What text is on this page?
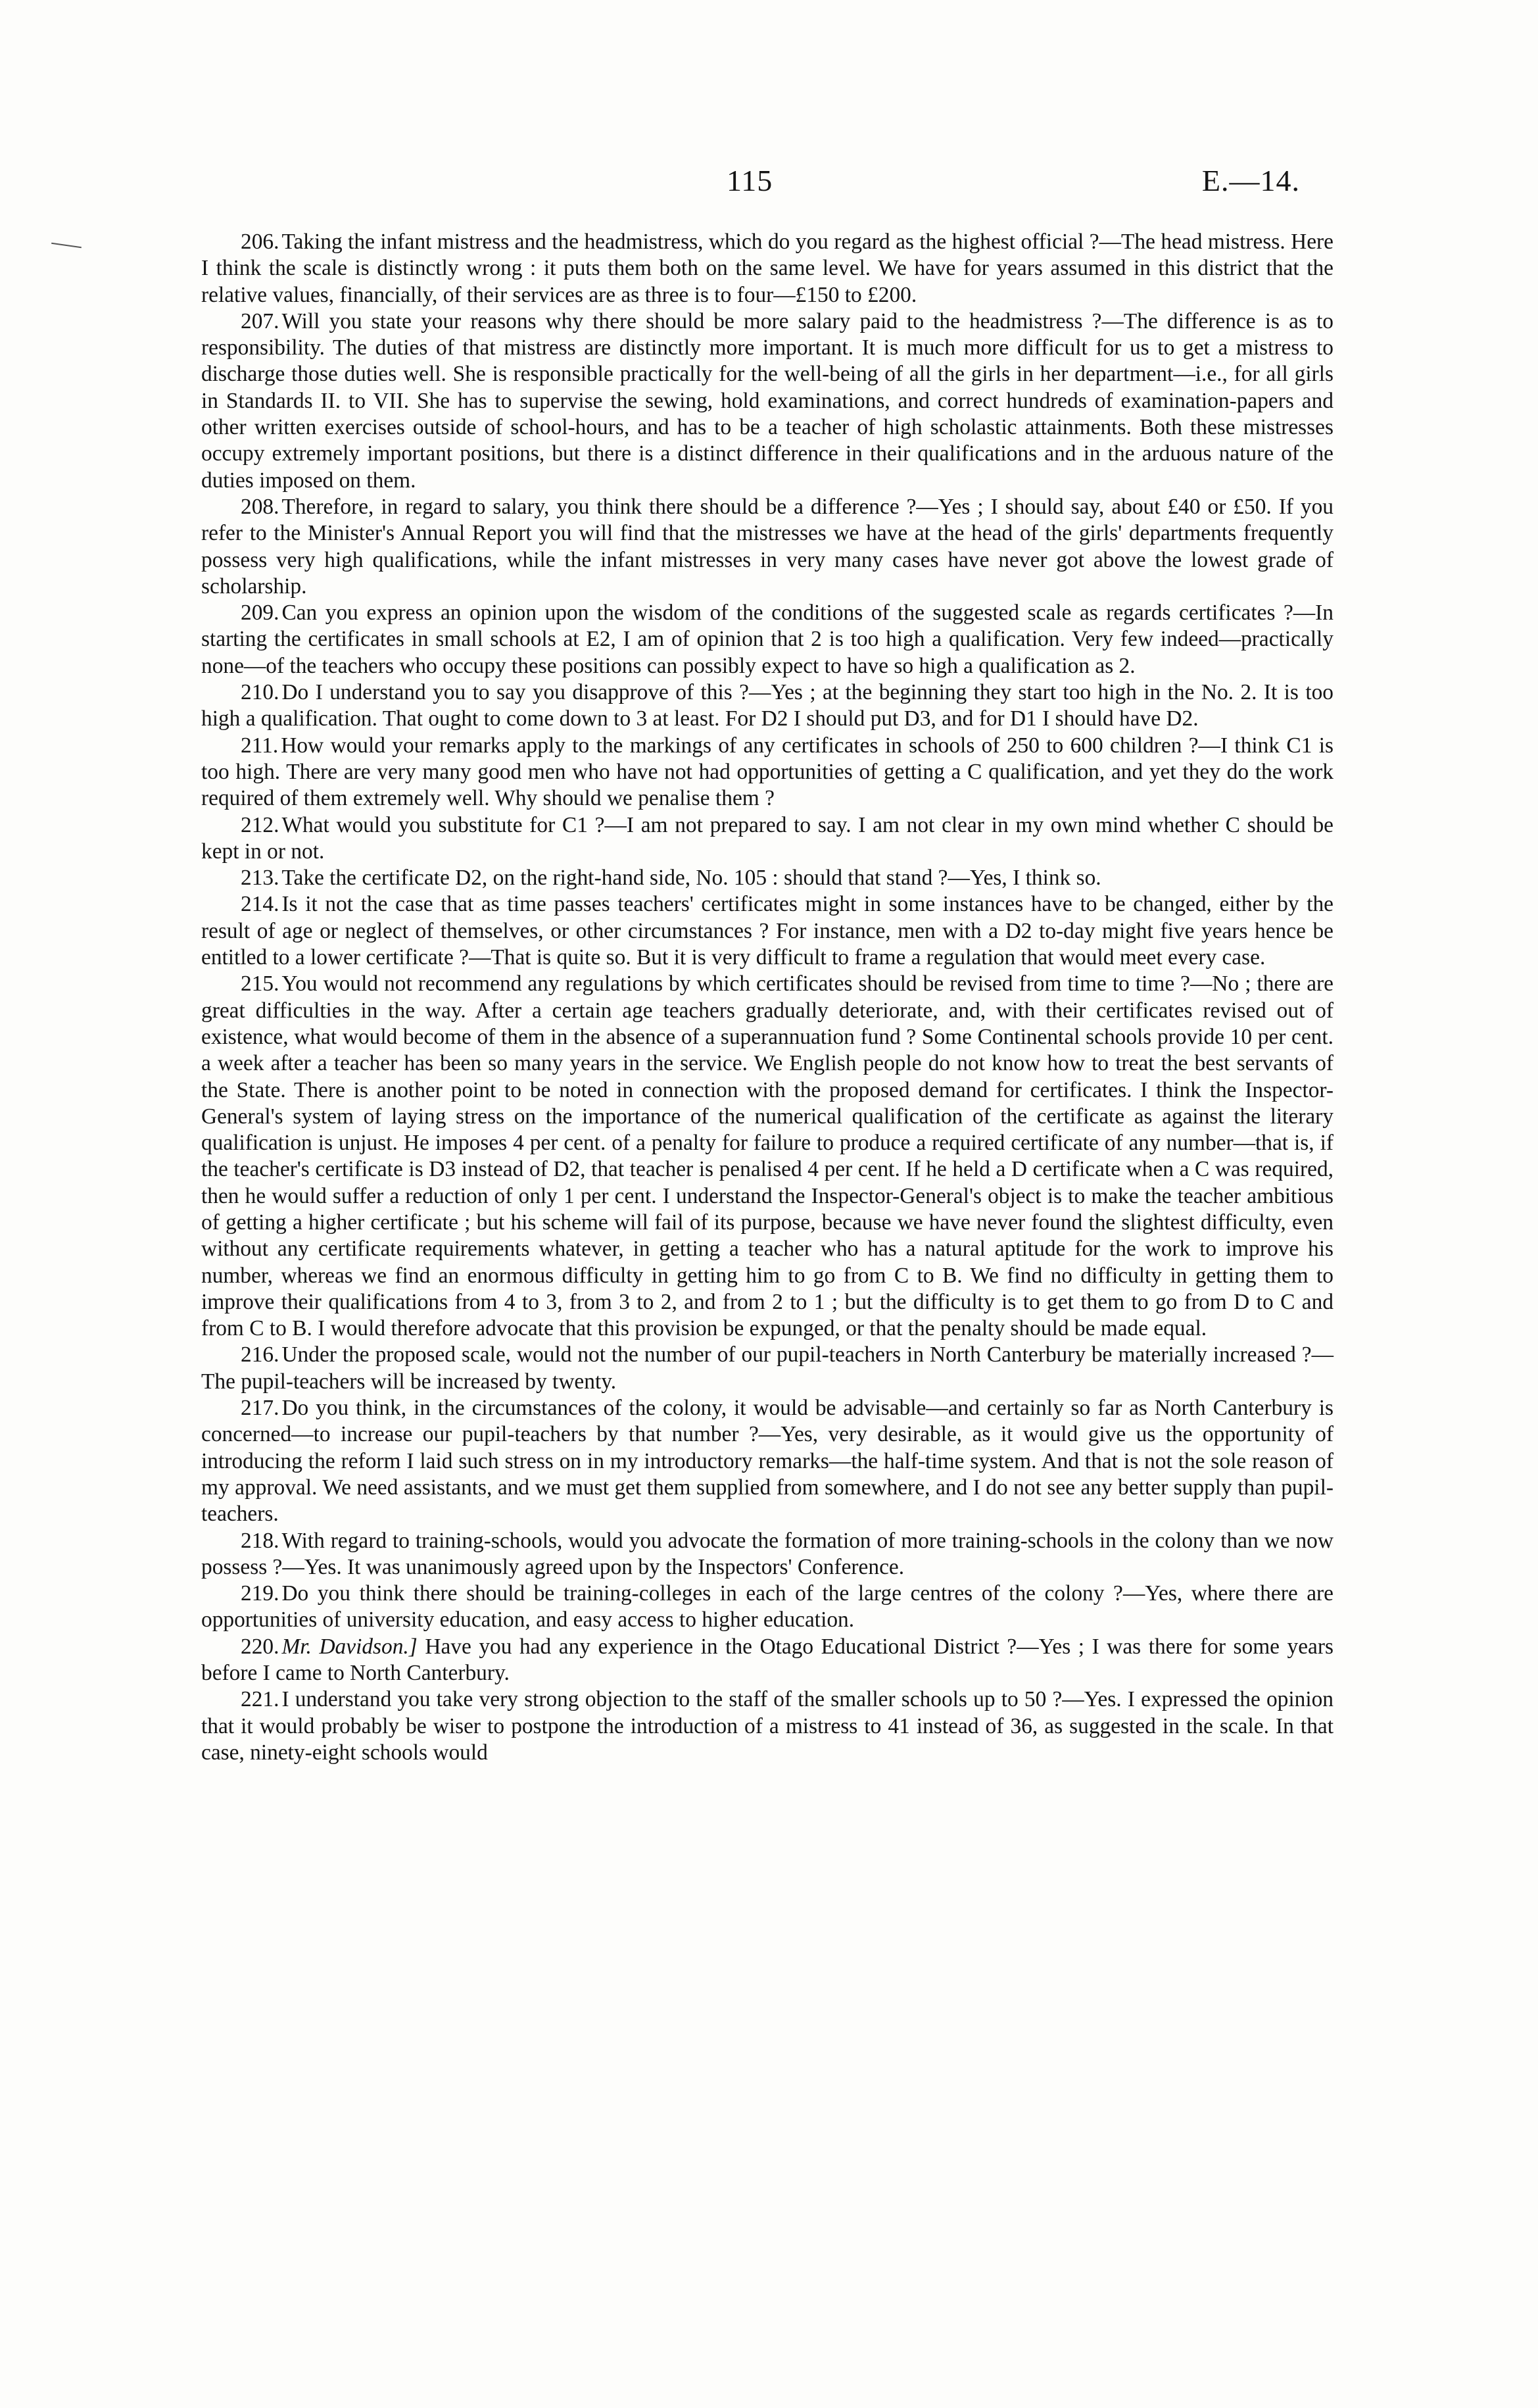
115	E.—14.

206. Taking the infant mistress and the headmistress, which do you regard as the highest official ?—The head mistress. Here I think the scale is distinctly wrong : it puts them both on the same level. We have for years assumed in this district that the relative values, financially, of their services are as three is to four—£150 to £200.

207. Will you state your reasons why there should be more salary paid to the headmistress ?—The difference is as to responsibility. The duties of that mistress are distinctly more important. It is much more difficult for us to get a mistress to discharge those duties well. She is responsible practically for the well-being of all the girls in her department—i.e., for all girls in Standards II. to VII. She has to supervise the sewing, hold examinations, and correct hundreds of examination-papers and other written exercises outside of school-hours, and has to be a teacher of high scholastic attainments. Both these mistresses occupy extremely important positions, but there is a distinct difference in their qualifications and in the arduous nature of the duties imposed on them.

208. Therefore, in regard to salary, you think there should be a difference ?—Yes ; I should say, about £40 or £50. If you refer to the Minister's Annual Report you will find that the mistresses we have at the head of the girls' departments frequently possess very high qualifications, while the infant mistresses in very many cases have never got above the lowest grade of scholarship.

209. Can you express an opinion upon the wisdom of the conditions of the suggested scale as regards certificates ?—In starting the certificates in small schools at E2, I am of opinion that 2 is too high a qualification. Very few indeed—practically none—of the teachers who occupy these positions can possibly expect to have so high a qualification as 2.

210. Do I understand you to say you disapprove of this ?—Yes ; at the beginning they start too high in the No. 2. It is too high a qualification. That ought to come down to 3 at least. For D2 I should put D3, and for D1 I should have D2.

211. How would your remarks apply to the markings of any certificates in schools of 250 to 600 children ?—I think C1 is too high. There are very many good men who have not had opportunities of getting a C qualification, and yet they do the work required of them extremely well. Why should we penalise them ?

212. What would you substitute for C1 ?—I am not prepared to say. I am not clear in my own mind whether C should be kept in or not.

213. Take the certificate D2, on the right-hand side, No. 105 : should that stand ?—Yes, I think so.

214. Is it not the case that as time passes teachers' certificates might in some instances have to be changed, either by the result of age or neglect of themselves, or other circumstances ? For instance, men with a D2 to-day might five years hence be entitled to a lower certificate ?—That is quite so. But it is very difficult to frame a regulation that would meet every case.

215. You would not recommend any regulations by which certificates should be revised from time to time ?—No ; there are great difficulties in the way. After a certain age teachers gradually deteriorate, and, with their certificates revised out of existence, what would become of them in the absence of a superannuation fund ? Some Continental schools provide 10 per cent. a week after a teacher has been so many years in the service. We English people do not know how to treat the best servants of the State. There is another point to be noted in connection with the proposed demand for certificates. I think the Inspector-General's system of laying stress on the importance of the numerical qualification of the certificate as against the literary qualification is unjust. He imposes 4 per cent. of a penalty for failure to produce a required certificate of any number—that is, if the teacher's certificate is D3 instead of D2, that teacher is penalised 4 per cent. If he held a D certificate when a C was required, then he would suffer a reduction of only 1 per cent. I understand the Inspector-General's object is to make the teacher ambitious of getting a higher certificate ; but his scheme will fail of its purpose, because we have never found the slightest difficulty, even without any certificate requirements whatever, in getting a teacher who has a natural aptitude for the work to improve his number, whereas we find an enormous difficulty in getting him to go from C to B. We find no difficulty in getting them to improve their qualifications from 4 to 3, from 3 to 2, and from 2 to 1 ; but the difficulty is to get them to go from D to C and from C to B. I would therefore advocate that this provision be expunged, or that the penalty should be made equal.

216. Under the proposed scale, would not the number of our pupil-teachers in North Canterbury be materially increased ?—The pupil-teachers will be increased by twenty.

217. Do you think, in the circumstances of the colony, it would be advisable—and certainly so far as North Canterbury is concerned—to increase our pupil-teachers by that number ?—Yes, very desirable, as it would give us the opportunity of introducing the reform I laid such stress on in my introductory remarks—the half-time system. And that is not the sole reason of my approval. We need assistants, and we must get them supplied from somewhere, and I do not see any better supply than pupil-teachers.

218. With regard to training-schools, would you advocate the formation of more training-schools in the colony than we now possess ?—Yes. It was unanimously agreed upon by the Inspectors' Conference.

219. Do you think there should be training-colleges in each of the large centres of the colony ?—Yes, where there are opportunities of university education, and easy access to higher education.

220. Mr. Davidson.] Have you had any experience in the Otago Educational District ?—Yes ; I was there for some years before I came to North Canterbury.

221. I understand you take very strong objection to the staff of the smaller schools up to 50 ?—Yes. I expressed the opinion that it would probably be wiser to postpone the introduction of a mistress to 41 instead of 36, as suggested in the scale. In that case, ninety-eight schools would
